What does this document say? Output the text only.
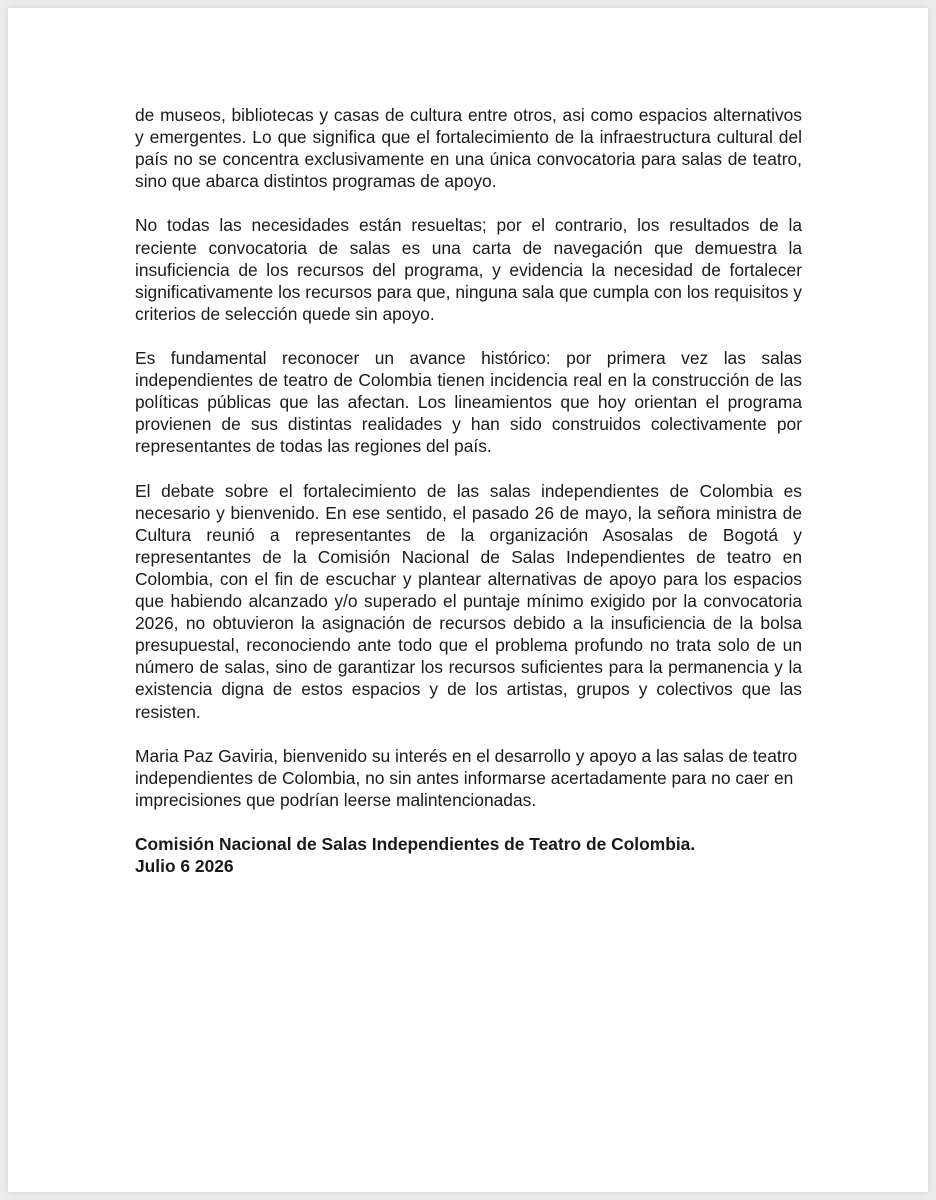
de museos, bibliotecas y casas de cultura entre otros, asi como espacios alternativos y emergentes. Lo que significa que el fortalecimiento de la infraestructura cultural del país no se concentra exclusivamente en una única convocatoria para salas de teatro, sino que abarca distintos programas de apoyo.

No todas las necesidades están resueltas; por el contrario, los resultados de la reciente convocatoria de salas es una carta de navegación que demuestra la insuficiencia de los recursos del programa, y evidencia la necesidad de fortalecer significativamente los recursos para que, ninguna sala que cumpla con los requisitos y criterios de selección quede sin apoyo.

Es fundamental reconocer un avance histórico: por primera vez las salas independientes de teatro de Colombia tienen incidencia real en la construcción de las políticas públicas que las afectan. Los lineamientos que hoy orientan el programa provienen de sus distintas realidades y han sido construidos colectivamente por representantes de todas las regiones del país.

El debate sobre el fortalecimiento de las salas independientes de Colombia es necesario y bienvenido. En ese sentido, el pasado 26 de mayo, la señora ministra de Cultura reunió a representantes de la organización Asosalas de Bogotá y representantes de la Comisión Nacional de Salas Independientes de teatro en Colombia, con el fin de escuchar y plantear alternativas de apoyo para los espacios que habiendo alcanzado y/o superado el puntaje mínimo exigido por la convocatoria 2026, no obtuvieron la asignación de recursos debido a la insuficiencia de la bolsa presupuestal, reconociendo ante todo que el problema profundo no trata solo de un número de salas, sino de garantizar los recursos suficientes para la permanencia y la existencia digna de estos espacios y de los artistas, grupos y colectivos que las resisten.

Maria Paz Gaviria, bienvenido su interés en el desarrollo y apoyo a las salas de teatro independientes de Colombia, no sin antes informarse acertadamente para no caer en imprecisiones que podrían leerse malintencionadas.

Comisión Nacional de Salas Independientes de Teatro de Colombia.

Julio 6 2026
